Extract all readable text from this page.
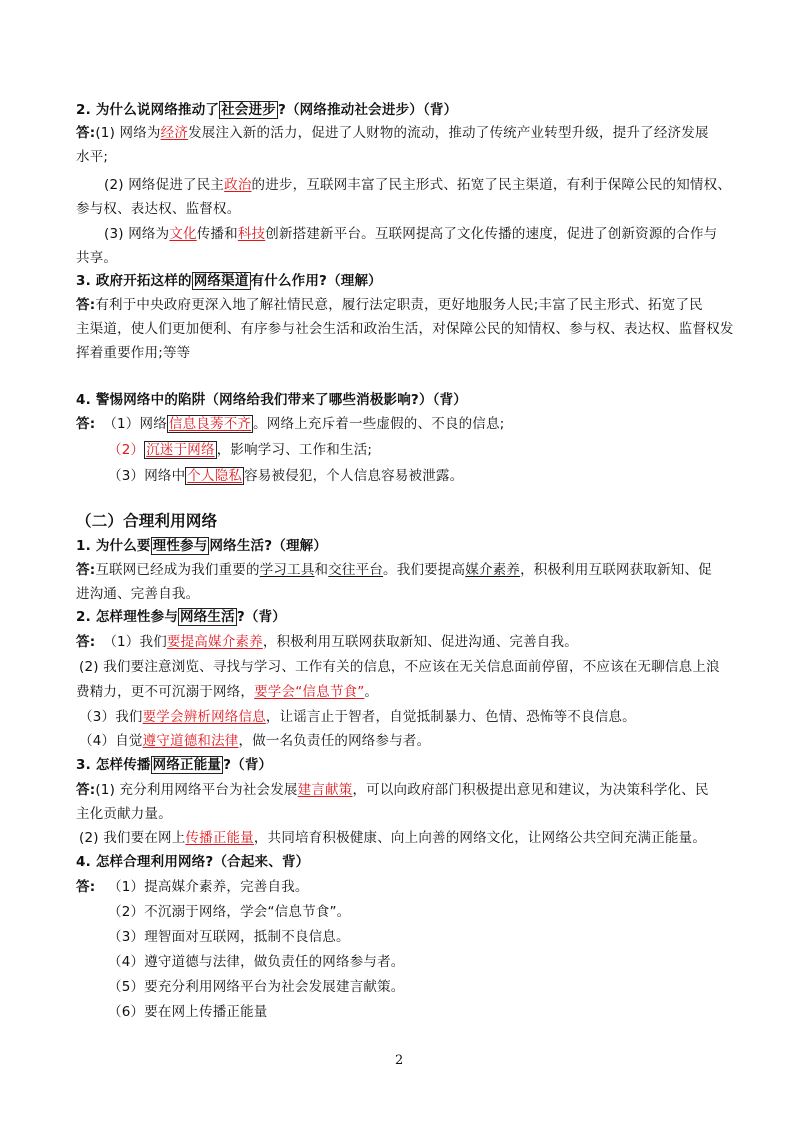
2. 为什么说网络推动了 社会进步 ?（网络推动社会进步）（背）
答:(1) 网络为经济发展注入新的活力，促进了人财物的流动，推动了传统产业转型升级，提升了经济发展
水平;
(2) 网络促进了民主政治的进步，互联网丰富了民主形式、拓宽了民主渠道，有利于保障公民的知情权、
参与权、表达权、监督权。
(3) 网络为文化传播和科技创新搭建新平台。互联网提高了文化传播的速度，促进了创新资源的合作与
共享。
3. 政府开拓这样的 网络渠道 有什么作用?（理解）
答:有利于中央政府更深入地了解社情民意，履行法定职责，更好地服务人民;丰富了民主形式、拓宽了民
主渠道，使人们更加便利、有序参与社会生活和政治生活，对保障公民的知情权、参与权、表达权、监督权发
挥着重要作用;等等
4. 警惕网络中的陷阱（网络给我们带来了哪些消极影响?）（背）
答: （1）网络 信息良莠不齐 。网络上充斥着一些虚假的、不良的信息;
（2） 沉迷于网络 ，影响学习、工作和生活;
（3）网络中 个人隐私 容易被侵犯，个人信息容易被泄露。
（二）合理利用网络
1. 为什么要 理性参与 网络生活?（理解）
答:互联网已经成为我们重要的学习工具和交往平台。我们要提高媒介素养，积极利用互联网获取新知、促
进沟通、完善自我。
2. 怎样理性参与 网络生活 ?（背）
答: （1）我们要提高媒介素养，积极利用互联网获取新知、促进沟通、完善自我。
(2) 我们要注意浏览、寻找与学习、工作有关的信息，不应该在无关信息面前停留，不应该在无聊信息上浪
费精力，更不可沉溺于网络，要学会“信息节食”。
（3）我们要学会辨析网络信息，让谣言止于智者，自觉抵制暴力、色情、恐怖等不良信息。
（4）自觉遵守道德和法律，做一名负责任的网络参与者。
3. 怎样传播 网络正能量 ?（背）
答:(1) 充分利用网络平台为社会发展建言献策，可以向政府部门积极提出意见和建议，为决策科学化、民
主化贡献力量。
(2) 我们要在网上传播正能量，共同培育积极健康、向上向善的网络文化，让网络公共空间充满正能量。
4. 怎样合理利用网络?（合起来、背）
答: （1）提高媒介素养，完善自我。
（2）不沉溺于网络，学会“信息节食”。
（3）理智面对互联网，抵制不良信息。
（4）遵守道德与法律，做负责任的网络参与者。
（5）要充分利用网络平台为社会发展建言献策。
（6）要在网上传播正能量
2
